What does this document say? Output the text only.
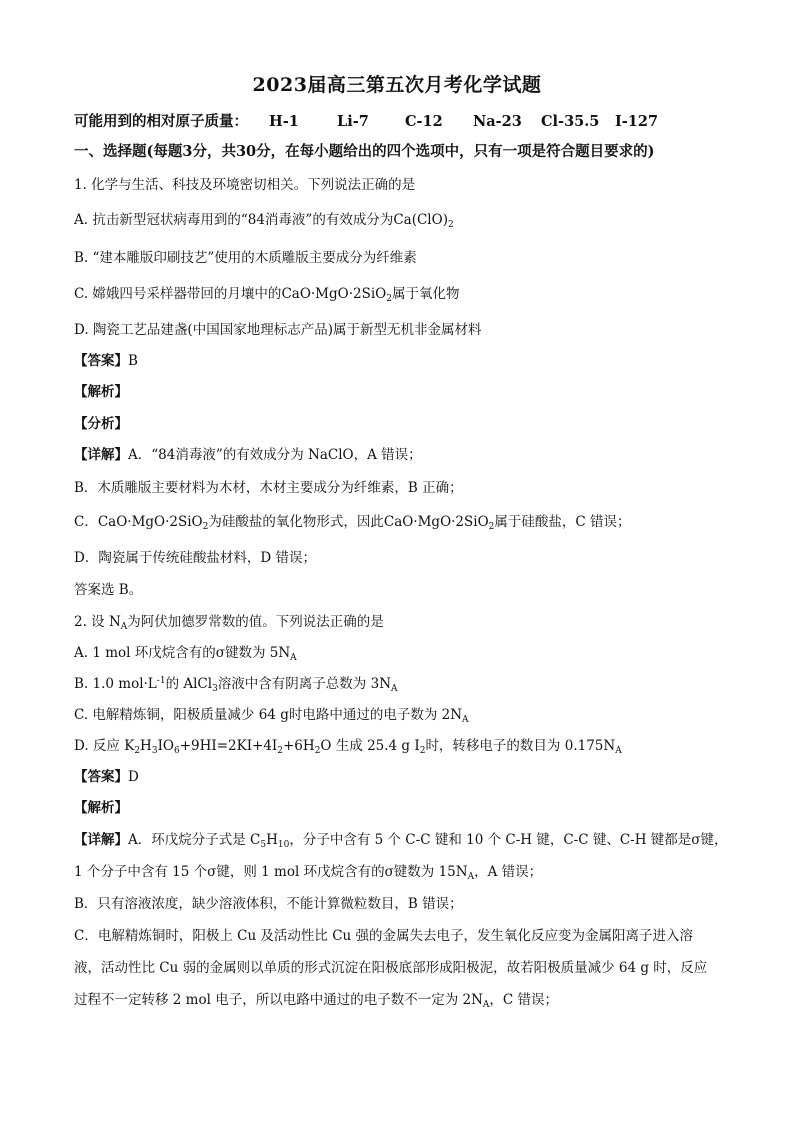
2023届高三第五次月考化学试题
可能用到的相对原子质量： H-1	Li-7 C-12 Na-23 Cl-35.5 I-127
一、选择题(每题3分，共30分，在每小题给出的四个选项中，只有一项是符合题目要求的)
1. 化学与生活、科技及环境密切相关。下列说法正确的是
A. 抗击新型冠状病毒用到的“84消毒液”的有效成分为$Ca(ClO)_2$
B. “建本雕版印刷技艺”使用的木质雕版主要成分为纤维素
C. 嫦娥四号采样器带回的月壤中的CaO·MgO·2SiO$_2$属于氧化物
D. 陶瓷工艺品建盏(中国国家地理标志产品)属于新型无机非金属材料
【答案】B
【解析】
【分析】
【详解】A．“84消毒液”的有效成分为 NaClO，A 错误；
B．木质雕版主要材料为木材，木材主要成分为纤维素，B 正确；
C．CaO·MgO·2SiO$_2$为硅酸盐的氧化物形式，因此CaO·MgO·2SiO$_2$属于硅酸盐，C 错误；
D．陶瓷属于传统硅酸盐材料，D 错误；
答案选 B。
2. 设 $N_A$为阿伏加德罗常数的值。下列说法正确的是
A. 1 mol 环戊烷含有的σ键数为 $5N_A$
B. 1.0 $mol\cdot L^{-1}$的 AlCl$_3$溶液中含有阴离子总数为 $3N_A$
C. 电解精炼铜，阳极质量减少 64 g时电路中通过的电子数为 $2N_A$
D. 反应 $K_2H_3IO_6+9HI=2KI+4I_2+6H_2O$ 生成 25.4 g $I_2$时，转移电子的数目为 $0.175N_A$
【答案】D
【解析】
【详解】A．环戊烷分子式是 $C_5H_{10}$，分子中含有 5 个 C-C 键和 10 个 C-H 键，C-C 键、C-H 键都是σ键，
1 个分子中含有 15 个σ键，则 1 mol 环戊烷含有的σ键数为 $15N_A$，A 错误；
B．只有溶液浓度，缺少溶液体积，不能计算微粒数目，B 错误；
C．电解精炼铜时，阳极上 Cu 及活动性比 Cu 强的金属失去电子，发生氧化反应变为金属阳离子进入溶
液，活动性比 Cu 弱的金属则以单质的形式沉淀在阳极底部形成阳极泥，故若阳极质量减少 64 g 时，反应
过程不一定转移 2 mol 电子，所以电路中通过的电子数不一定为 $2N_A$，C 错误；
